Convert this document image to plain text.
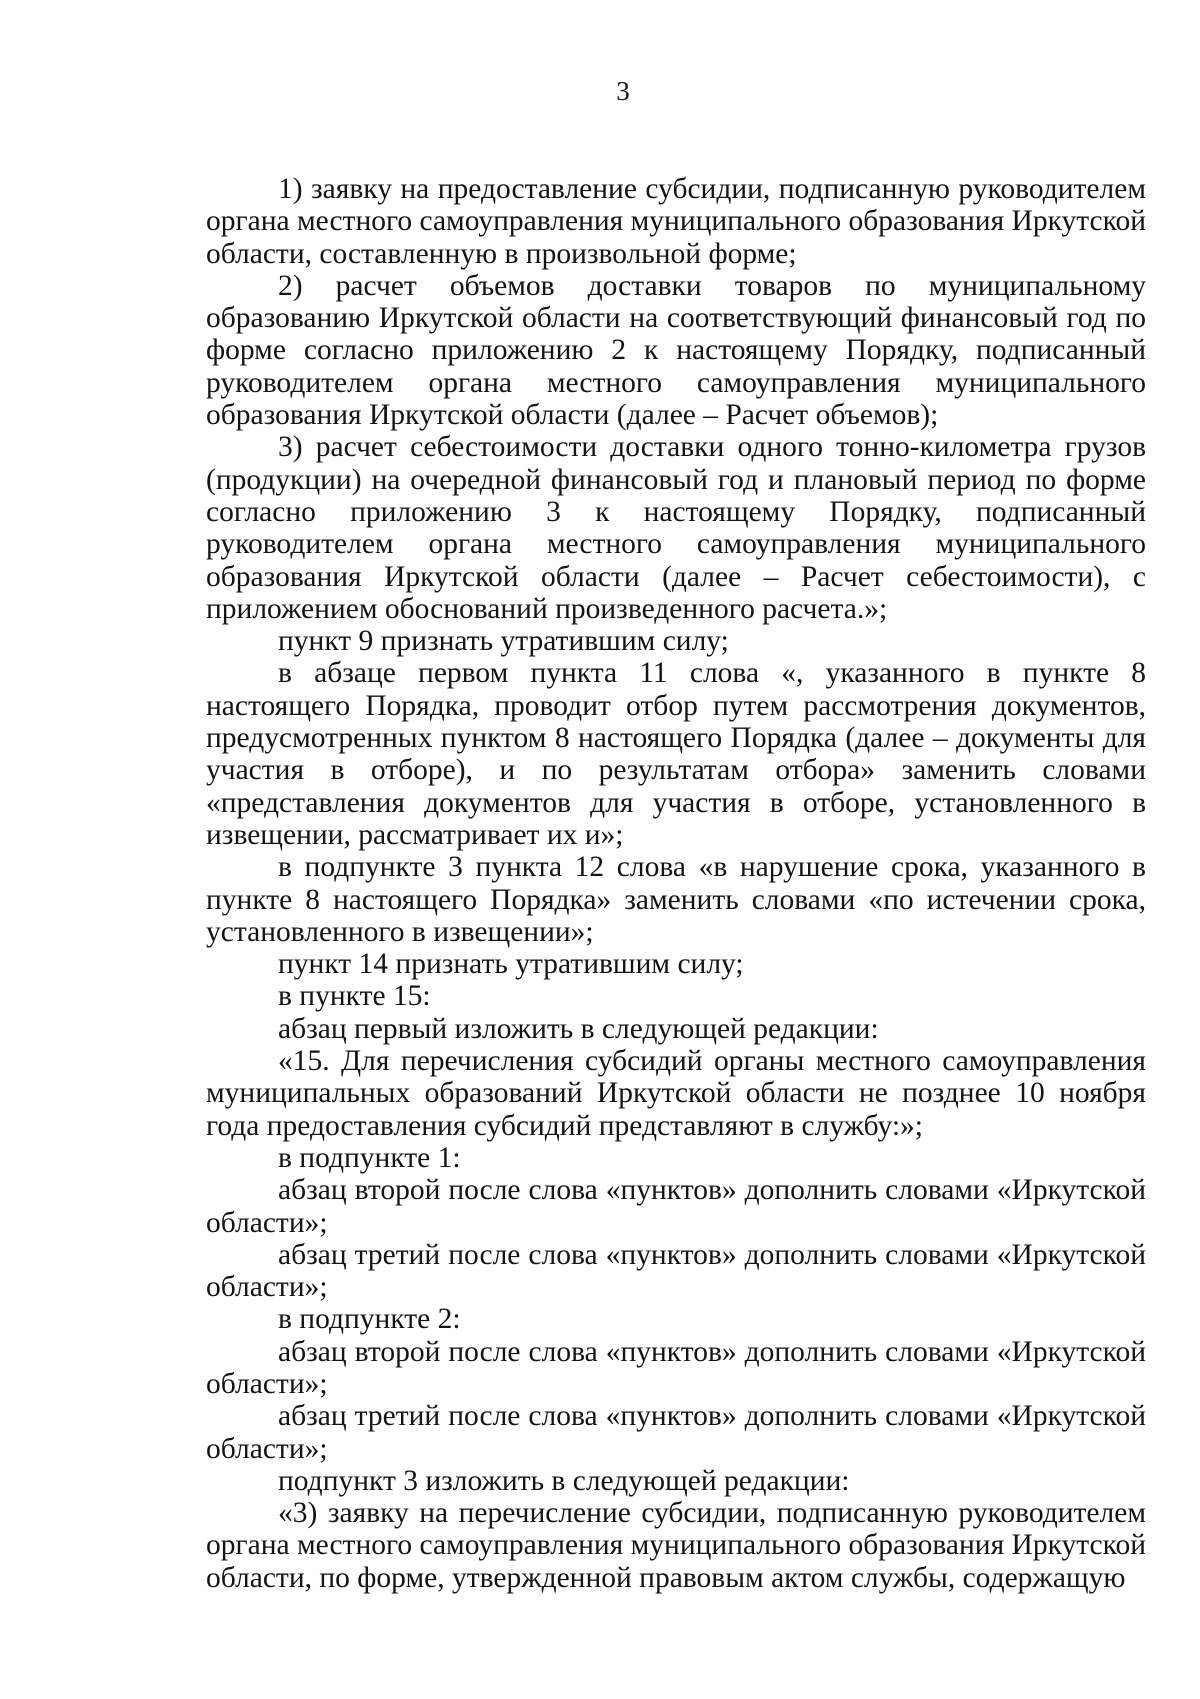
3

1) заявку на предоставление субсидии, подписанную руководителем органа местного самоуправления муниципального образования Иркутской области, составленную в произвольной форме;

2) расчет объемов доставки товаров по муниципальному образованию Иркутской области на соответствующий финансовый год по форме согласно приложению 2 к настоящему Порядку, подписанный руководителем органа местного самоуправления муниципального образования Иркутской области (далее – Расчет объемов);

3) расчет себестоимости доставки одного тонно-километра грузов (продукции) на очередной финансовый год и плановый период по форме согласно приложению 3 к настоящему Порядку, подписанный руководителем органа местного самоуправления муниципального образования Иркутской области (далее – Расчет себестоимости), с приложением обоснований произведенного расчета.»;

пункт 9 признать утратившим силу;

в абзаце первом пункта 11 слова «, указанного в пункте 8 настоящего Порядка, проводит отбор путем рассмотрения документов, предусмотренных пунктом 8 настоящего Порядка (далее – документы для участия в отборе), и по результатам отбора» заменить словами «представления документов для участия в отборе, установленного в извещении, рассматривает их и»;

в подпункте 3 пункта 12 слова «в нарушение срока, указанного в пункте 8 настоящего Порядка» заменить словами «по истечении срока, установленного в извещении»;

пункт 14 признать утратившим силу;

в пункте 15:

абзац первый изложить в следующей редакции:

«15. Для перечисления субсидий органы местного самоуправления муниципальных образований Иркутской области не позднее 10 ноября года предоставления субсидий представляют в службу:»;

в подпункте 1:

абзац второй после слова «пунктов» дополнить словами «Иркутской области»;

абзац третий после слова «пунктов» дополнить словами «Иркутской области»;

в подпункте 2:

абзац второй после слова «пунктов» дополнить словами «Иркутской области»;

абзац третий после слова «пунктов» дополнить словами «Иркутской области»;

подпункт 3 изложить в следующей редакции:

«3) заявку на перечисление субсидии, подписанную руководителем органа местного самоуправления муниципального образования Иркутской области, по форме, утвержденной правовым актом службы, содержащую
